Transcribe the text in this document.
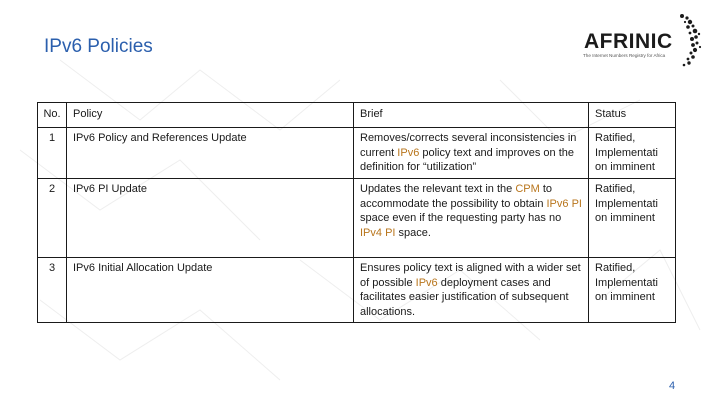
IPv6 Policies	AFRINIC
The Internet Numbers Registry for Africa
No.	Policy	Brief	Status
1	IPv6 Policy and References Update	Removes/corrects several inconsistencies in current IPv6 policy text and improves on the definition for “utilization”	Ratified, Implementati on imminent
2	IPv6 PI Update	Updates the relevant text in the CPM to accommodate the possibility to obtain IPv6 PI space even if the requesting party has no IPv4 PI space.	Ratified, Implementati on imminent
3	IPv6 Initial Allocation Update	Ensures policy text is aligned with a wider set of possible IPv6 deployment cases and facilitates easier justification of subsequent allocations.	Ratified, Implementati on imminent
4
